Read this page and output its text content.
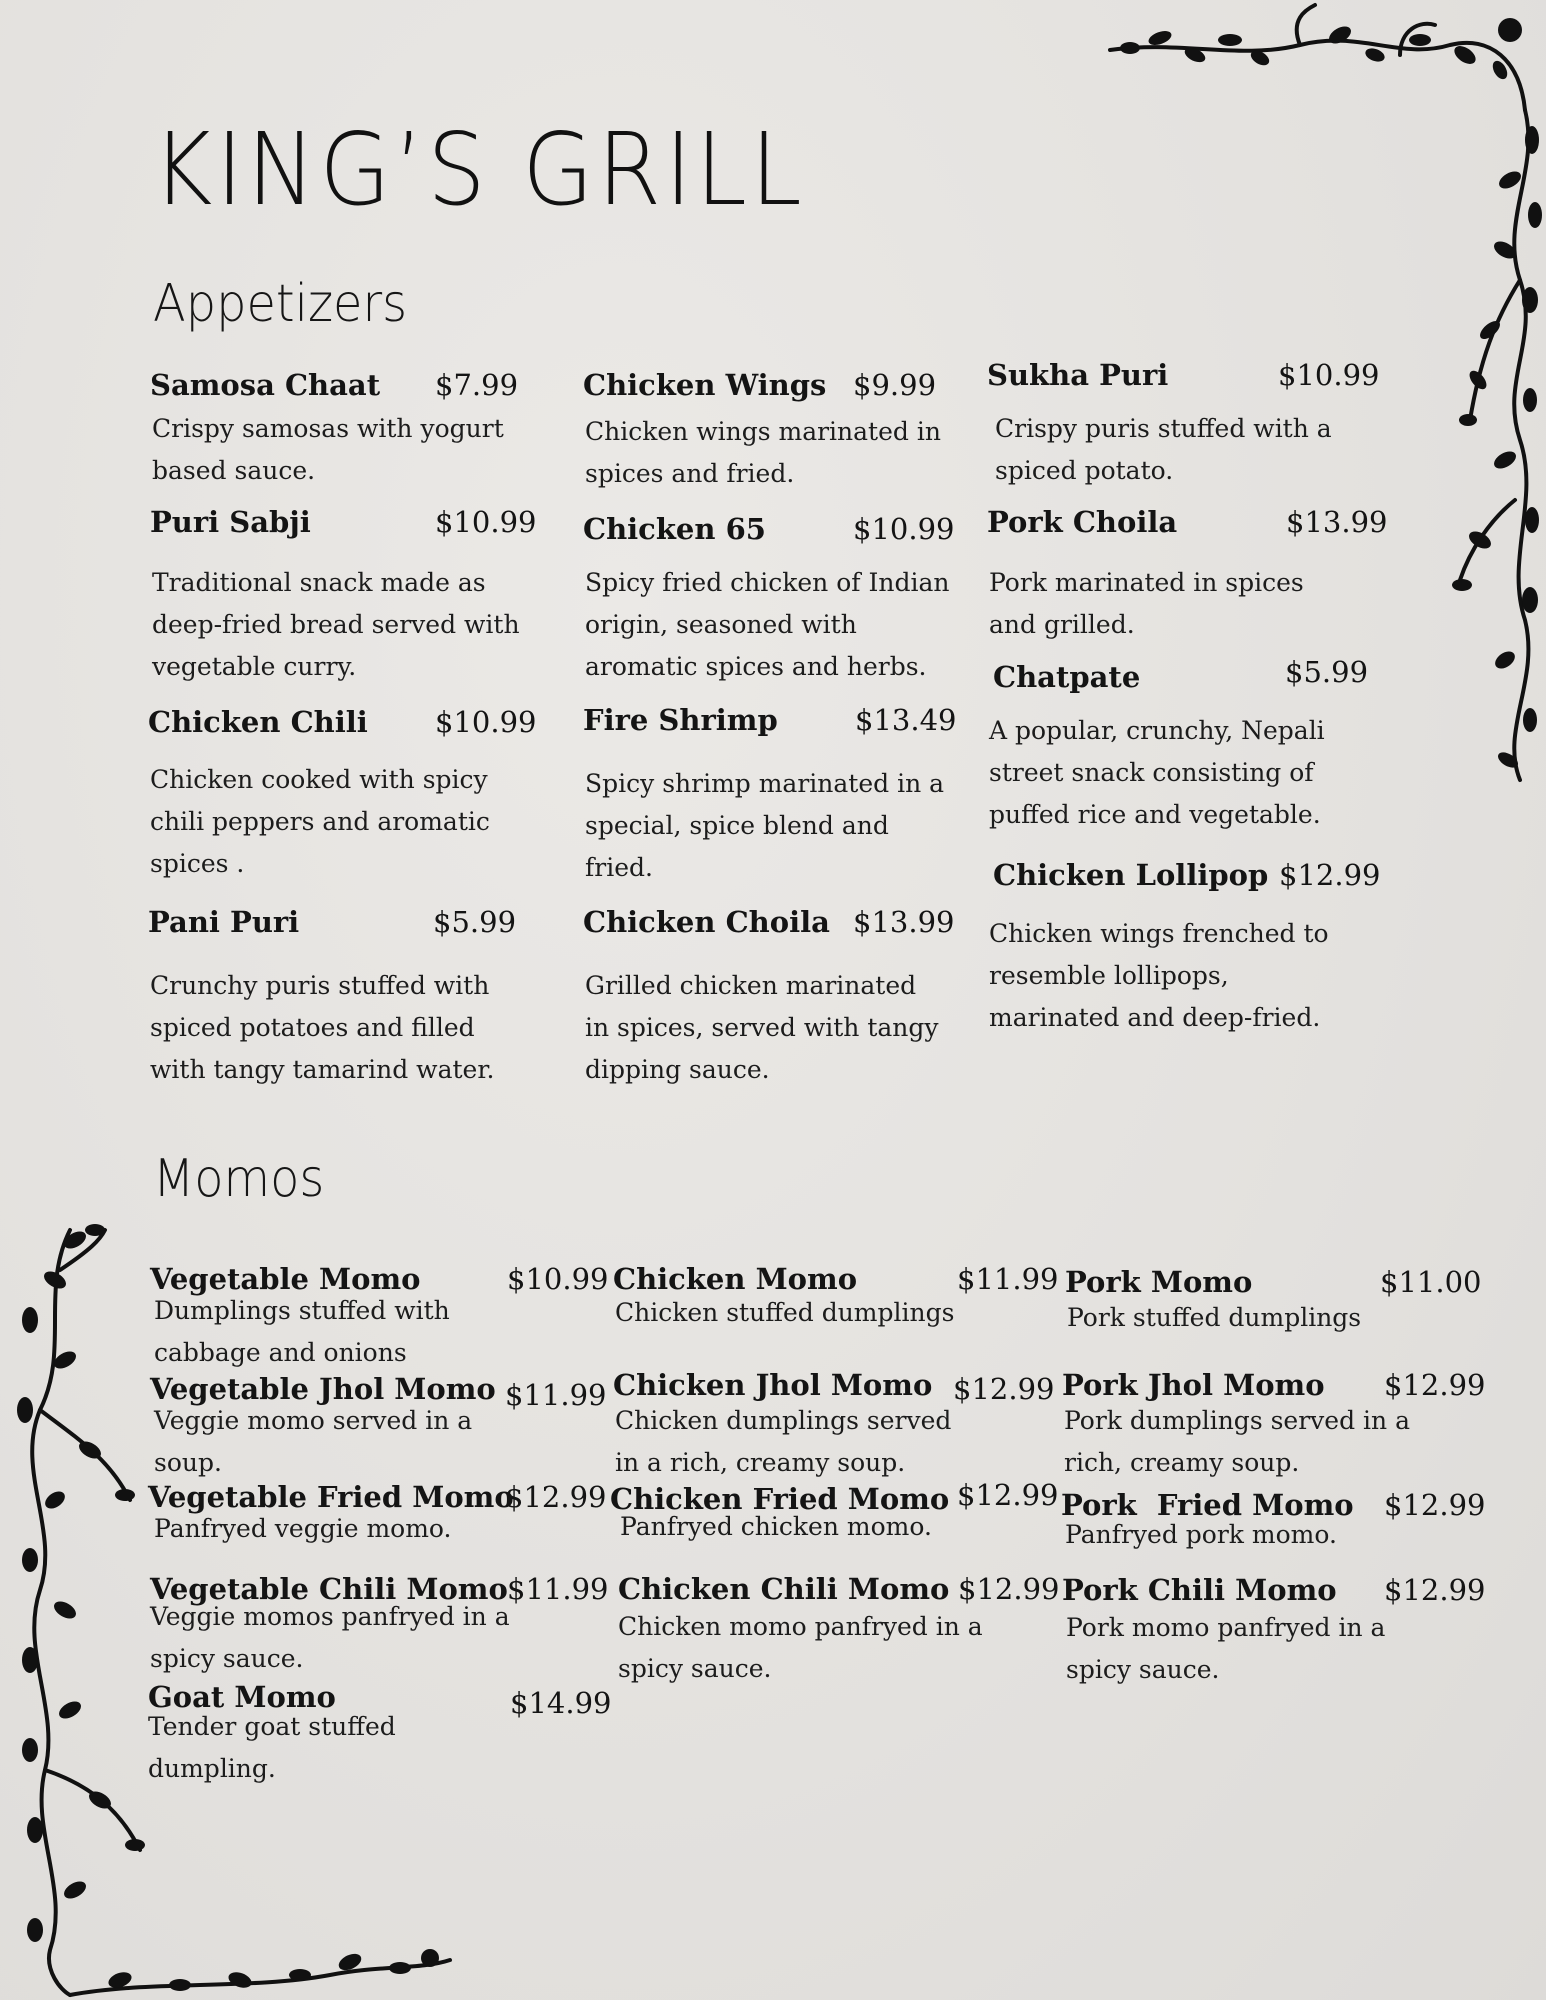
KING’S GRILL
Appetizers
Samosa Chaat $7.99
Crispy samosas with yogurt based sauce.
Puri Sabji	$10.99
Traditional snack made as deep-fried bread served with vegetable curry.
Chicken Chili $10.99
Chicken cooked with spicy chili peppers and aromatic spices .
Pani Puri	$5.99
Crunchy puris stuffed with spiced potatoes and filled with tangy tamarind water.
Chicken Wings $9.99
Chicken wings marinated in spices and fried.
Chicken 65	$10.99
Spicy fried chicken of Indian origin, seasoned with aromatic spices and herbs.
Fire Shrimp	$13.49
Spicy shrimp marinated in a special, spice blend and fried.
Chicken Choila $13.99
Grilled chicken marinated in spices, served with tangy dipping sauce.
Sukha Puri	$10.99
Crispy puris stuffed with a spiced potato.
Pork Choila	$13.99
Pork marinated in spices and grilled.
Chatpate	$5.99
A popular, crunchy, Nepali street snack consisting of puffed rice and vegetable.
Chicken Lollipop $12.99
Chicken wings frenched to resemble lollipops, marinated and deep-fried.
Momos
Vegetable Momo	$10.99
Dumplings stuffed with cabbage and onions
Vegetable Jhol Momo $11.99
Veggie momo served in a soup.
Vegetable Fried Momo
$12.99
Panfryed veggie momo.
Vegetable Chili Momo $11.99
Veggie momos panfryed in a spicy sauce.
Goat Momo	$14.99
Tender goat stuffed dumpling.
Chicken Momo	$11.99
Chicken stuffed dumplings
Chicken Jhol Momo $12.99
Chicken dumplings served in a rich, creamy soup.
Chicken Fried Momo $12.99
Panfryed chicken momo.
Chicken Chili Momo $12.99
Chicken momo panfryed in a spicy sauce.
Pork Momo	$11.00
Pork stuffed dumplings
Pork Jhol Momo $12.99
Pork dumplings served in a rich, creamy soup.
Pork  Fried Momo $12.99
Panfryed pork momo.
Pork Chili Momo $12.99
Pork momo panfryed in a spicy sauce.
